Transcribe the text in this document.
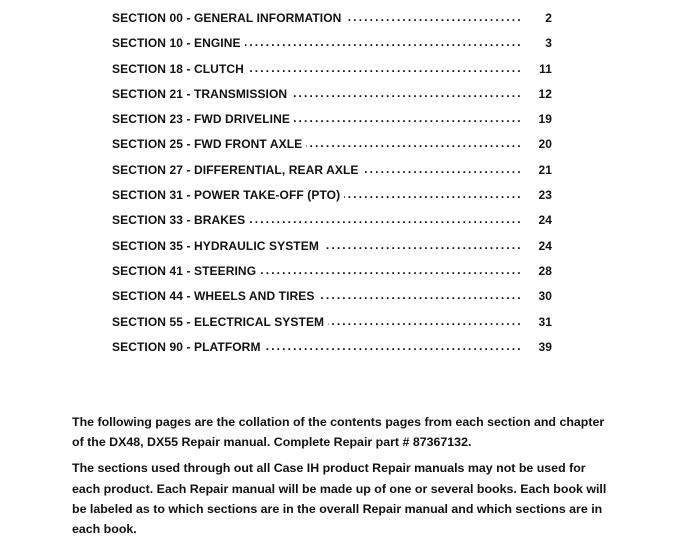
SECTION 00 - GENERAL INFORMATION . . .	2
SECTION 10 - ENGINE . . .	3
SECTION 18 - CLUTCH . . .	11
SECTION 21 - TRANSMISSION . . .	12
SECTION 23 - FWD DRIVELINE . . .	19
SECTION 25 - FWD FRONT AXLE . . .	20
SECTION 27 - DIFFERENTIAL, REAR AXLE . . .	21
SECTION 31 - POWER TAKE-OFF (PTO) . . .	23
SECTION 33 - BRAKES . . .	24
SECTION 35 - HYDRAULIC SYSTEM . . .	24
SECTION 41 - STEERING . . .	28
SECTION 44 - WHEELS AND TIRES . . .	30
SECTION 55 - ELECTRICAL SYSTEM . . .	31
SECTION 90 - PLATFORM . . .	39

The following pages are the collation of the contents pages from each section and chapter of the DX48, DX55 Repair manual. Complete Repair part # 87367132.

The sections used through out all Case IH product Repair manuals may not be used for each product. Each Repair manual will be made up of one or several books. Each book will be labeled as to which sections are in the overall Repair manual and which sections are in each book.
